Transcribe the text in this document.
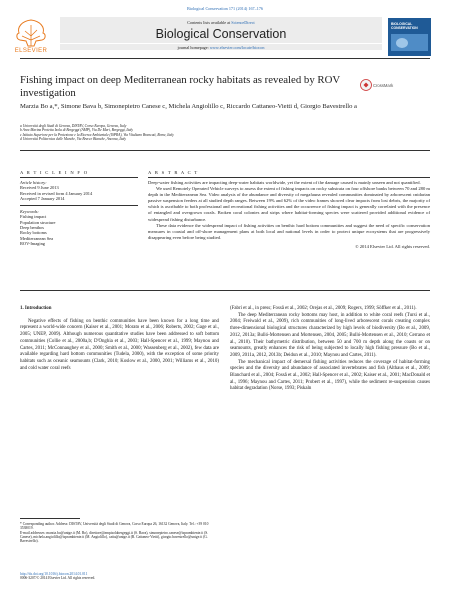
Biological Conservation 171 (2014) 167–176
ELSEVIER
Contents lists available at ScienceDirect
Biological Conservation
journal homepage: www.elsevier.com/locate/biocon
BIOLOGICAL CONSERVATION
Fishing impact on deep Mediterranean rocky habitats as revealed by ROV investigation
CrossMark
Marzia Bo a,*, Simone Bava b, Simonepietro Canese c, Michela Angiolillo c, Riccardo Cattaneo-Vietti d, Giorgio Bavestrello a
a Università degli Studi di Genova, DISTAV, Corso Europa, Genova, Italy
b Area Marina Protetta Isola di Bergeggi (AMP), Via De Mari, Bergeggi, Italy
c Istituto Superiore per la Protezione e la Ricerca Ambientale (ISPRA), Via Vitaliano Brancati, Rome, Italy
d Università Politecnica delle Marche, Via Brecce Bianche, Ancona, Italy
A R T I C L E I N F O	A B S T R A C T
Article history:
Received 9 June 2013
Received in revised form 4 January 2014
Accepted 7 January 2014
Keywords:
Fishing impact
Population structure
Deep benthos
Rocky bottoms
Mediterranean Sea
ROV-Imaging

Deep-water fishing activities are impacting deep-water habitats worldwide, yet the extent of the damage caused is mainly unseen and not quantified.

We used Remotely Operated Vehicle surveys to assess the extent of fishing impacts on rocky substrata on four offshore banks between 70 and 280 m depth in the Mediterranean Sea. Video analysis of the abundance and diversity of megafauna revealed communities dominated by arborescent cnidarian passive suspension feeders at all studied depth ranges. Between 19% and 62% of the video frames showed clear impacts from lost debris, the majority of which is ascribable to both professional and recreational fishing activities and the occurrence of fishing impact is generally correlated with the presence of entangled and overgrown corals. Broken coral colonies and strips where habitat-forming species were scattered provided additional evidence of widespread fishing disturbance.

These data evidence the widespread impact of fishing activities on benthic hard bottom communities and suggest the need of specific conservation measures in coastal and off-shore management plans at both local and national levels in order to protect unique ecosystems that are progressively disappearing even before being studied.

© 2014 Elsevier Ltd. All rights reserved.

1. Introduction

Negative effects of fishing on benthic communities have been known for a long time and represent a world-wide concern (Kaiser et al., 2001; Morato et al., 2006; Roberts, 2002; Gage et al., 2005; UNEP, 2009). Although numerous quantitative studies have been addressed to soft bottom communities (Collie et al., 2000a,b; D'Onghia et al., 2003; Hall-Spencer et al., 1999; Maynou and Cartes, 2011; McConnaughey et al., 2000; Smith et al., 2000; Wassenberg et al., 2002), few data are available regarding hard bottom communities (Tudela, 2000), with the exception of some priority habitats such as oceanic seamounts (Clark, 2010; Koslow et al., 2000, 2001; Williams et al., 2010) and cold water coral reefs

(Fabri et al., in press; Fosså et al., 2002; Orejas et al., 2009; Rogers, 1999; Söffker et al., 2011).

The deep Mediterranean rocky bottoms may host, in addition to white coral reefs (Tursi et al., 2004; Freiwald et al., 2009), rich communities of long-lived arborescent corals creating complex three-dimensional biological structures characterized by high levels of biodiversity (Bo et al., 2009, 2012, 2013a; Bulló-Mortensen and Mortensen, 2004, 2005; Bulló-Mortensen et al., 2010; Cerrano et al., 2010). Their bathymetric distribution, between 50 and 700 m depth along the coasts or on seamounts, greatly enhances the risk of being subjected to locally high fishing pressure (Bo et al., 2009, 2011a, 2012, 2013b; Deidun et al., 2010; Maynou and Cartes, 2011).

The mechanical impact of demersal fishing activities reduces the coverage of habitat-forming species and the diversity and abundance of associated invertebrates and fish (Althaus et al., 2009; Blanchard et al., 2004; Fosså et al., 2002; Hall-Spencer et al., 2002; Kaiser et al., 2001; MacDonald et al., 1996; Maynou and Cartes, 2011; Probert et al., 1997), while the sediment re-suspension causes habitat degradation (Norse, 1993; Piskaln

* Corresponding author. Address: DISTAV, Università degli Studi di Genova, Corso Europa 26, 16132 Genova, Italy. Tel.: +39 010 3538019.
E-mail addresses: marzia.bo@unige.it (M. Bo), direttore@ampisolabergeggi.it (S. Bava), simonepietro.canese@isprambiente.it (S. Canese), michela.angiolillo@isprambiente.it (M. Angiolillo), catta@unige.it (R. Cattaneo-Vietti), giorgio.bavestrello@unige.it (G. Bavestrello).
http://dx.doi.org/10.1016/j.biocon.2014.01.011
0006-3207/© 2014 Elsevier Ltd. All rights reserved.
